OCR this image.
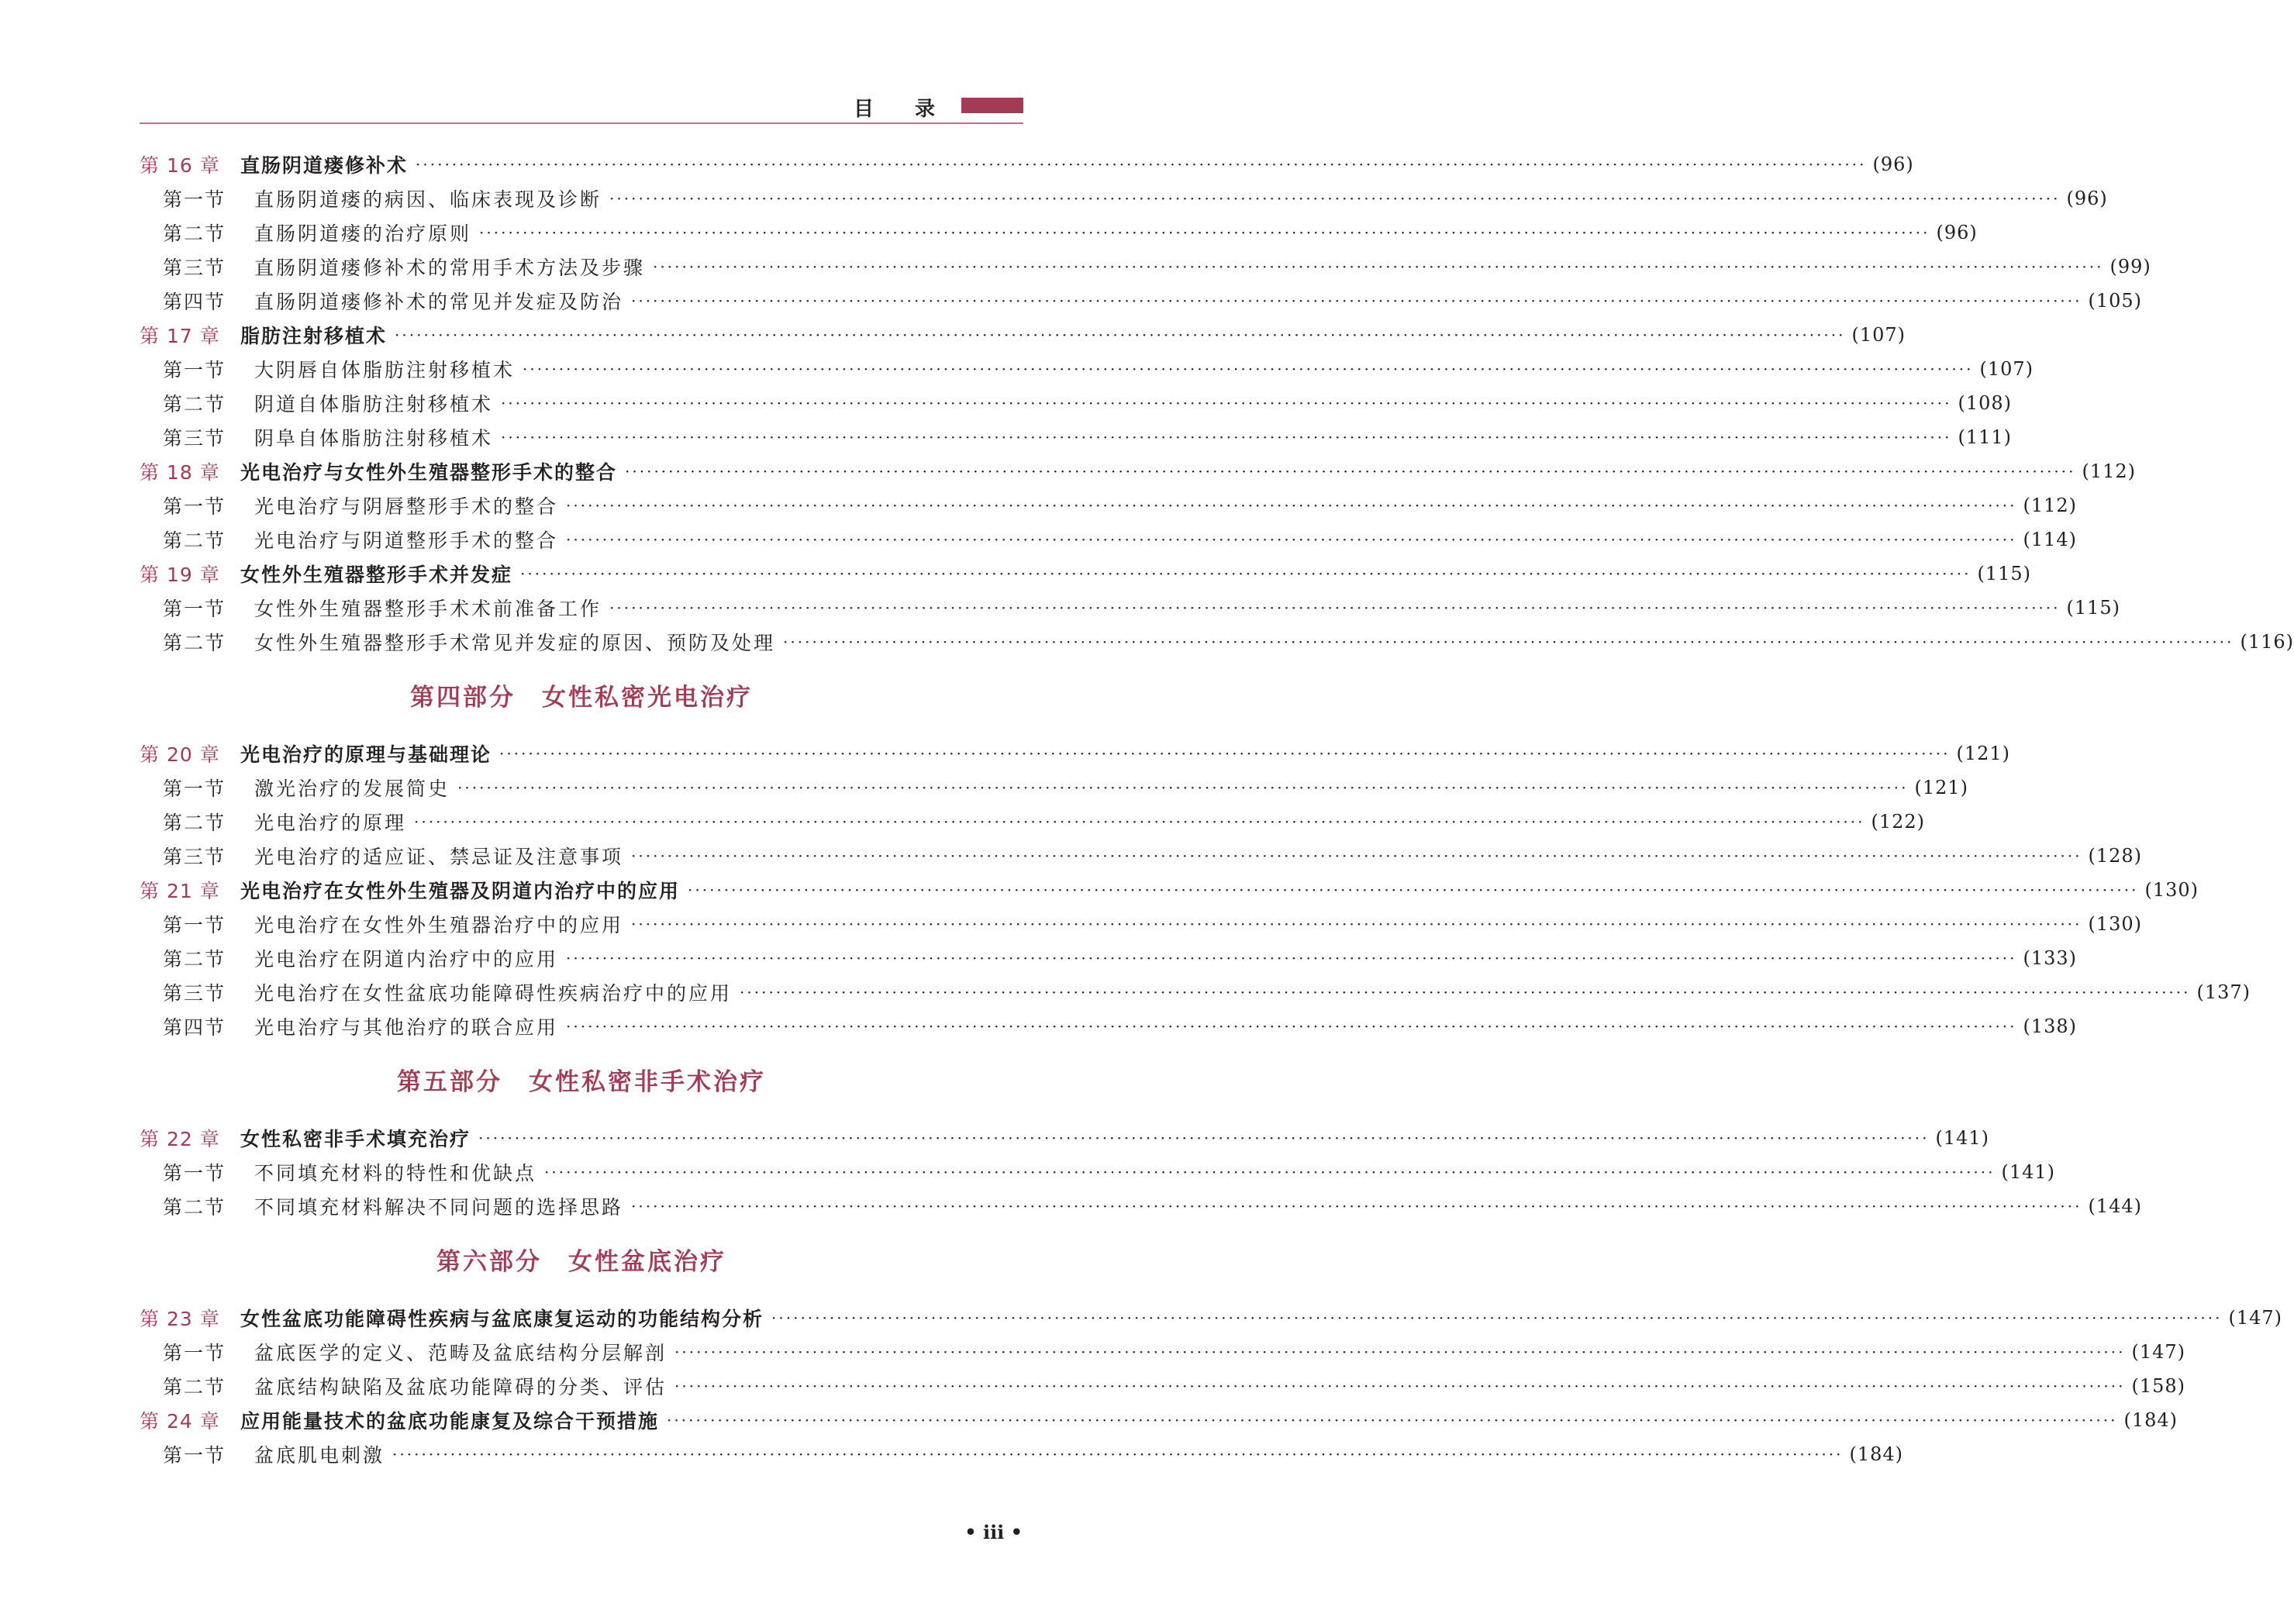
目 录
第 16 章	直肠阴道瘘修补术 ········································································································································································································ (96)
第一节	直肠阴道瘘的病因、临床表现及诊断 ········································································································································································································ (96)
第二节	直肠阴道瘘的治疗原则 ········································································································································································································ (96)
第三节	直肠阴道瘘修补术的常用手术方法及步骤 ········································································································································································································ (99)
第四节	直肠阴道瘘修补术的常见并发症及防治 ········································································································································································································ (105)
第 17 章	脂肪注射移植术 ········································································································································································································ (107)
第一节	大阴唇自体脂肪注射移植术 ········································································································································································································ (107)
第二节	阴道自体脂肪注射移植术 ········································································································································································································ (108)
第三节	阴阜自体脂肪注射移植术 ········································································································································································································ (111)
第 18 章	光电治疗与女性外生殖器整形手术的整合 ········································································································································································································ (112)
第一节	光电治疗与阴唇整形手术的整合 ········································································································································································································ (112)
第二节	光电治疗与阴道整形手术的整合 ········································································································································································································ (114)
第 19 章	女性外生殖器整形手术并发症 ········································································································································································································ (115)
第一节	女性外生殖器整形手术术前准备工作 ········································································································································································································ (115)
第二节	女性外生殖器整形手术常见并发症的原因、预防及处理 ········································································································································································································ (116)
第四部分 女性私密光电治疗
第 20 章	光电治疗的原理与基础理论 ········································································································································································································ (121)
第一节	激光治疗的发展简史 ········································································································································································································ (121)
第二节	光电治疗的原理 ········································································································································································································ (122)
第三节	光电治疗的适应证、禁忌证及注意事项 ········································································································································································································ (128)
第 21 章	光电治疗在女性外生殖器及阴道内治疗中的应用 ········································································································································································································ (130)
第一节	光电治疗在女性外生殖器治疗中的应用 ········································································································································································································ (130)
第二节	光电治疗在阴道内治疗中的应用 ········································································································································································································ (133)
第三节	光电治疗在女性盆底功能障碍性疾病治疗中的应用 ········································································································································································································ (137)
第四节	光电治疗与其他治疗的联合应用 ········································································································································································································ (138)
第五部分 女性私密非手术治疗
第 22 章	女性私密非手术填充治疗 ········································································································································································································ (141)
第一节	不同填充材料的特性和优缺点 ········································································································································································································ (141)
第二节	不同填充材料解决不同问题的选择思路 ········································································································································································································ (144)
第六部分 女性盆底治疗
第 23 章	女性盆底功能障碍性疾病与盆底康复运动的功能结构分析 ········································································································································································································ (147)
第一节	盆底医学的定义、范畴及盆底结构分层解剖 ········································································································································································································ (147)
第二节	盆底结构缺陷及盆底功能障碍的分类、评估 ········································································································································································································ (158)
第 24 章	应用能量技术的盆底功能康复及综合干预措施 ········································································································································································································ (184)
第一节	盆底肌电刺激 ········································································································································································································ (184)
• iii •
